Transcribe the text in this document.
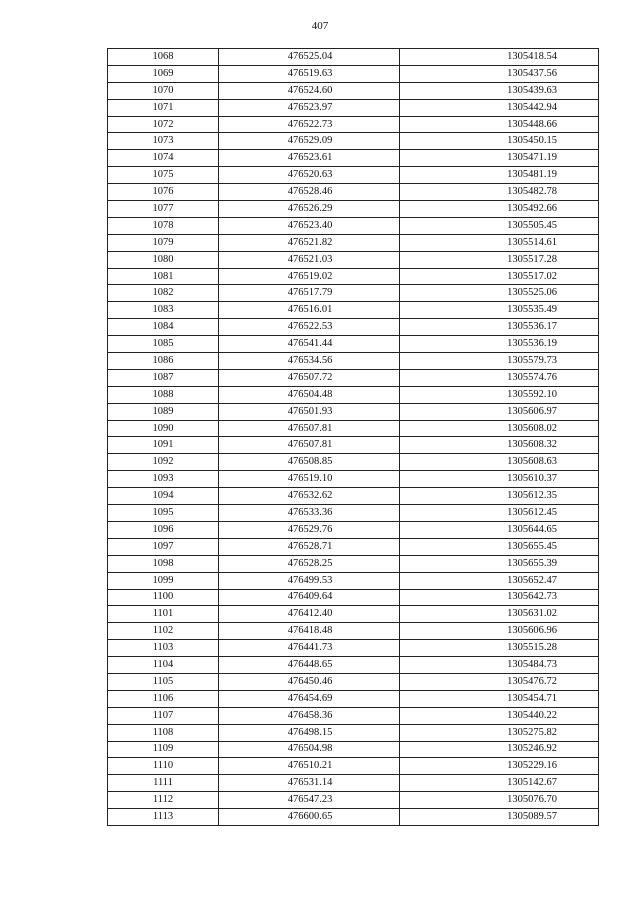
407
1068	476525.04	1305418.54
1069	476519.63	1305437.56
1070	476524.60	1305439.63
1071	476523.97	1305442.94
1072	476522.73	1305448.66
1073	476529.09	1305450.15
1074	476523.61	1305471.19
1075	476520.63	1305481.19
1076	476528.46	1305482.78
1077	476526.29	1305492.66
1078	476523.40	1305505.45
1079	476521.82	1305514.61
1080	476521.03	1305517.28
1081	476519.02	1305517.02
1082	476517.79	1305525.06
1083	476516.01	1305535.49
1084	476522.53	1305536.17
1085	476541.44	1305536.19
1086	476534.56	1305579.73
1087	476507.72	1305574.76
1088	476504.48	1305592.10
1089	476501.93	1305606.97
1090	476507.81	1305608.02
1091	476507.81	1305608.32
1092	476508.85	1305608.63
1093	476519.10	1305610.37
1094	476532.62	1305612.35
1095	476533.36	1305612.45
1096	476529.76	1305644.65
1097	476528.71	1305655.45
1098	476528.25	1305655.39
1099	476499.53	1305652.47
1100	476409.64	1305642.73
1101	476412.40	1305631.02
1102	476418.48	1305606.96
1103	476441.73	1305515.28
1104	476448.65	1305484.73
1105	476450.46	1305476.72
1106	476454.69	1305454.71
1107	476458.36	1305440.22
1108	476498.15	1305275.82
1109	476504.98	1305246.92
1110	476510.21	1305229.16
1111	476531.14	1305142.67
1112	476547.23	1305076.70
1113	476600.65	1305089.57
